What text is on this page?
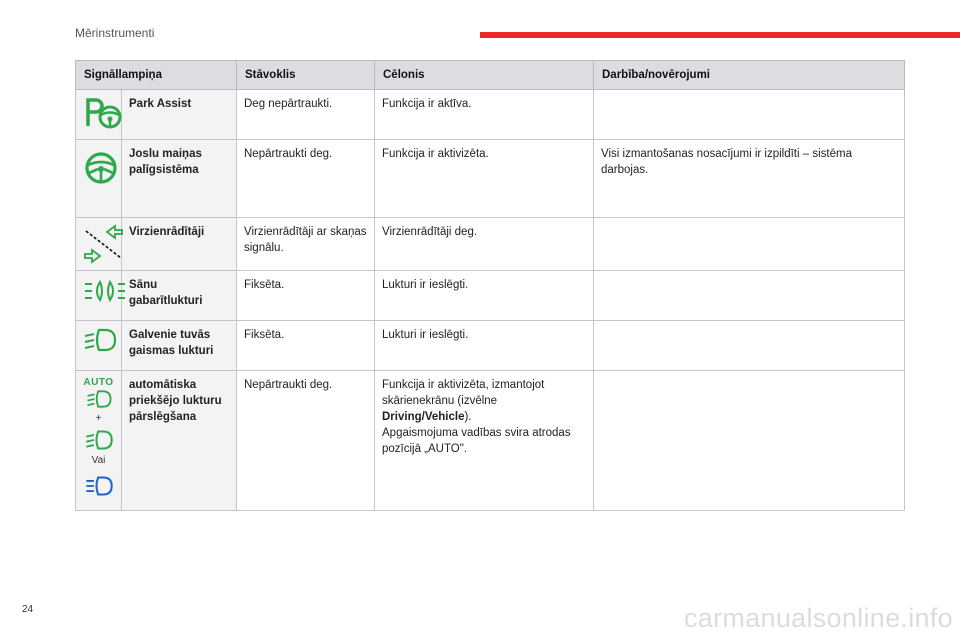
Mērinstrumenti
Signāllampiņa		Stāvoklis	Cēlonis	Darbība/novērojumi

	Park Assist	Deg nepārtraukti.	Funkcija ir aktīva.	

	Joslu maiņas palīgsistēma	Nepārtraukti deg.	Funkcija ir aktivizēta.	Visi izmantošanas nosacījumi ir izpildīti – sistēma darbojas.

	Virzienrādītāji	Virzienrādītāji ar skaņas signālu.	Virzienrādītāji deg.	

	Sānu gabarītlukturi	Fiksēta.	Lukturi ir ieslēgti.	

	Galvenie tuvās gaismas lukturi	Fiksēta.	Lukturi ir ieslēgti.	

AUTO
+
Vai	automātiska priekšējo lukturu pārslēgšana	Nepārtraukti deg.	Funkcija ir aktivizēta, izmantojot skārienekrānu (izvēlne
Driving/Vehicle).
Apgaismojuma vadības svira atrodas pozīcijā „AUTO".	
24	carmanualsonline.info
